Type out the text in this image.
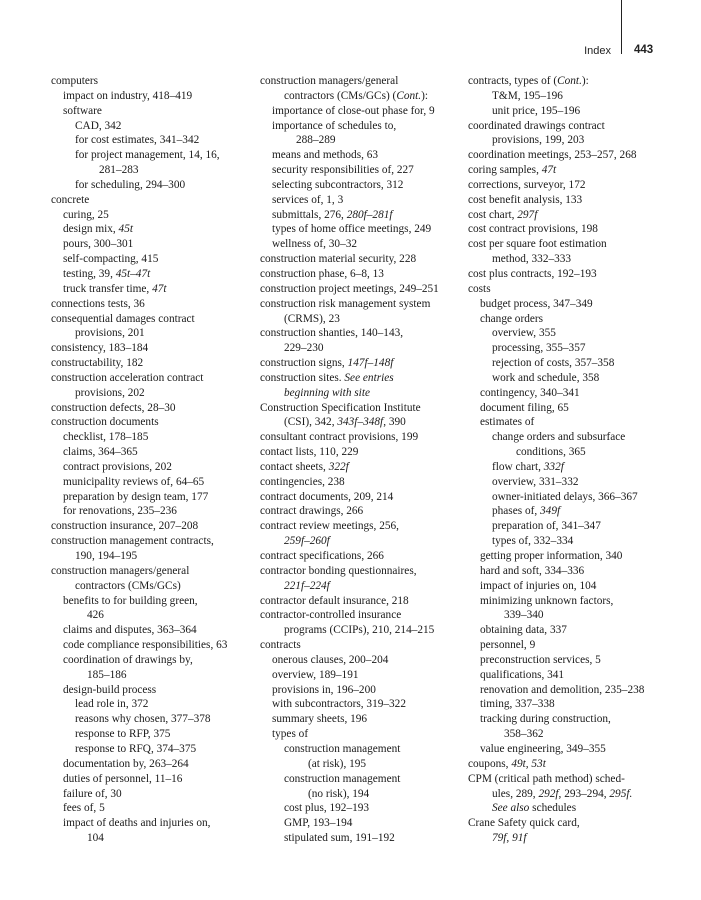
Index 443
computers
impact on industry, 418–419
software
CAD, 342
for cost estimates, 341–342
for project management, 14, 16,
281–283
for scheduling, 294–300
concrete
curing, 25
design mix, 45t
pours, 300–301
self-compacting, 415
testing, 39, 45t–47t
truck transfer time, 47t
connections tests, 36
consequential damages contract
provisions, 201
consistency, 183–184
constructability, 182
construction acceleration contract
provisions, 202
construction defects, 28–30
construction documents
checklist, 178–185
claims, 364–365
contract provisions, 202
municipality reviews of, 64–65
preparation by design team, 177
for renovations, 235–236
construction insurance, 207–208
construction management contracts,
190, 194–195
construction managers/general
contractors (CMs/GCs)
benefits to for building green,
426
claims and disputes, 363–364
code compliance responsibilities, 63
coordination of drawings by,
185–186
design-build process
lead role in, 372
reasons why chosen, 377–378
response to RFP, 375
response to RFQ, 374–375
documentation by, 263–264
duties of personnel, 11–16
failure of, 30
fees of, 5
impact of deaths and injuries on,
104
construction managers/general
contractors (CMs/GCs) (Cont.):
importance of close-out phase for, 9
importance of schedules to,
288–289
means and methods, 63
security responsibilities of, 227
selecting subcontractors, 312
services of, 1, 3
submittals, 276, 280f–281f
types of home office meetings, 249
wellness of, 30–32
construction material security, 228
construction phase, 6–8, 13
construction project meetings, 249–251
construction risk management system
(CRMS), 23
construction shanties, 140–143,
229–230
construction signs, 147f–148f
construction sites. See entries
beginning with site
Construction Specification Institute
(CSI), 342, 343f–348f, 390
consultant contract provisions, 199
contact lists, 110, 229
contact sheets, 322f
contingencies, 238
contract documents, 209, 214
contract drawings, 266
contract review meetings, 256,
259f–260f
contract specifications, 266
contractor bonding questionnaires,
221f–224f
contractor default insurance, 218
contractor-controlled insurance
programs (CCIPs), 210, 214–215
contracts
onerous clauses, 200–204
overview, 189–191
provisions in, 196–200
with subcontractors, 319–322
summary sheets, 196
types of
construction management
(at risk), 195
construction management
(no risk), 194
cost plus, 192–193
GMP, 193–194
stipulated sum, 191–192
contracts, types of (Cont.):
T&M, 195–196
unit price, 195–196
coordinated drawings contract
provisions, 199, 203
coordination meetings, 253–257, 268
coring samples, 47t
corrections, surveyor, 172
cost benefit analysis, 133
cost chart, 297f
cost contract provisions, 198
cost per square foot estimation
method, 332–333
cost plus contracts, 192–193
costs
budget process, 347–349
change orders
overview, 355
processing, 355–357
rejection of costs, 357–358
work and schedule, 358
contingency, 340–341
document filing, 65
estimates of
change orders and subsurface
conditions, 365
flow chart, 332f
overview, 331–332
owner-initiated delays, 366–367
phases of, 349f
preparation of, 341–347
types of, 332–334
getting proper information, 340
hard and soft, 334–336
impact of injuries on, 104
minimizing unknown factors,
339–340
obtaining data, 337
personnel, 9
preconstruction services, 5
qualifications, 341
renovation and demolition, 235–238
timing, 337–338
tracking during construction,
358–362
value engineering, 349–355
coupons, 49t, 53t
CPM (critical path method) sched-
ules, 289, 292f, 293–294, 295f.
See also schedules
Crane Safety quick card,
79f, 91f
